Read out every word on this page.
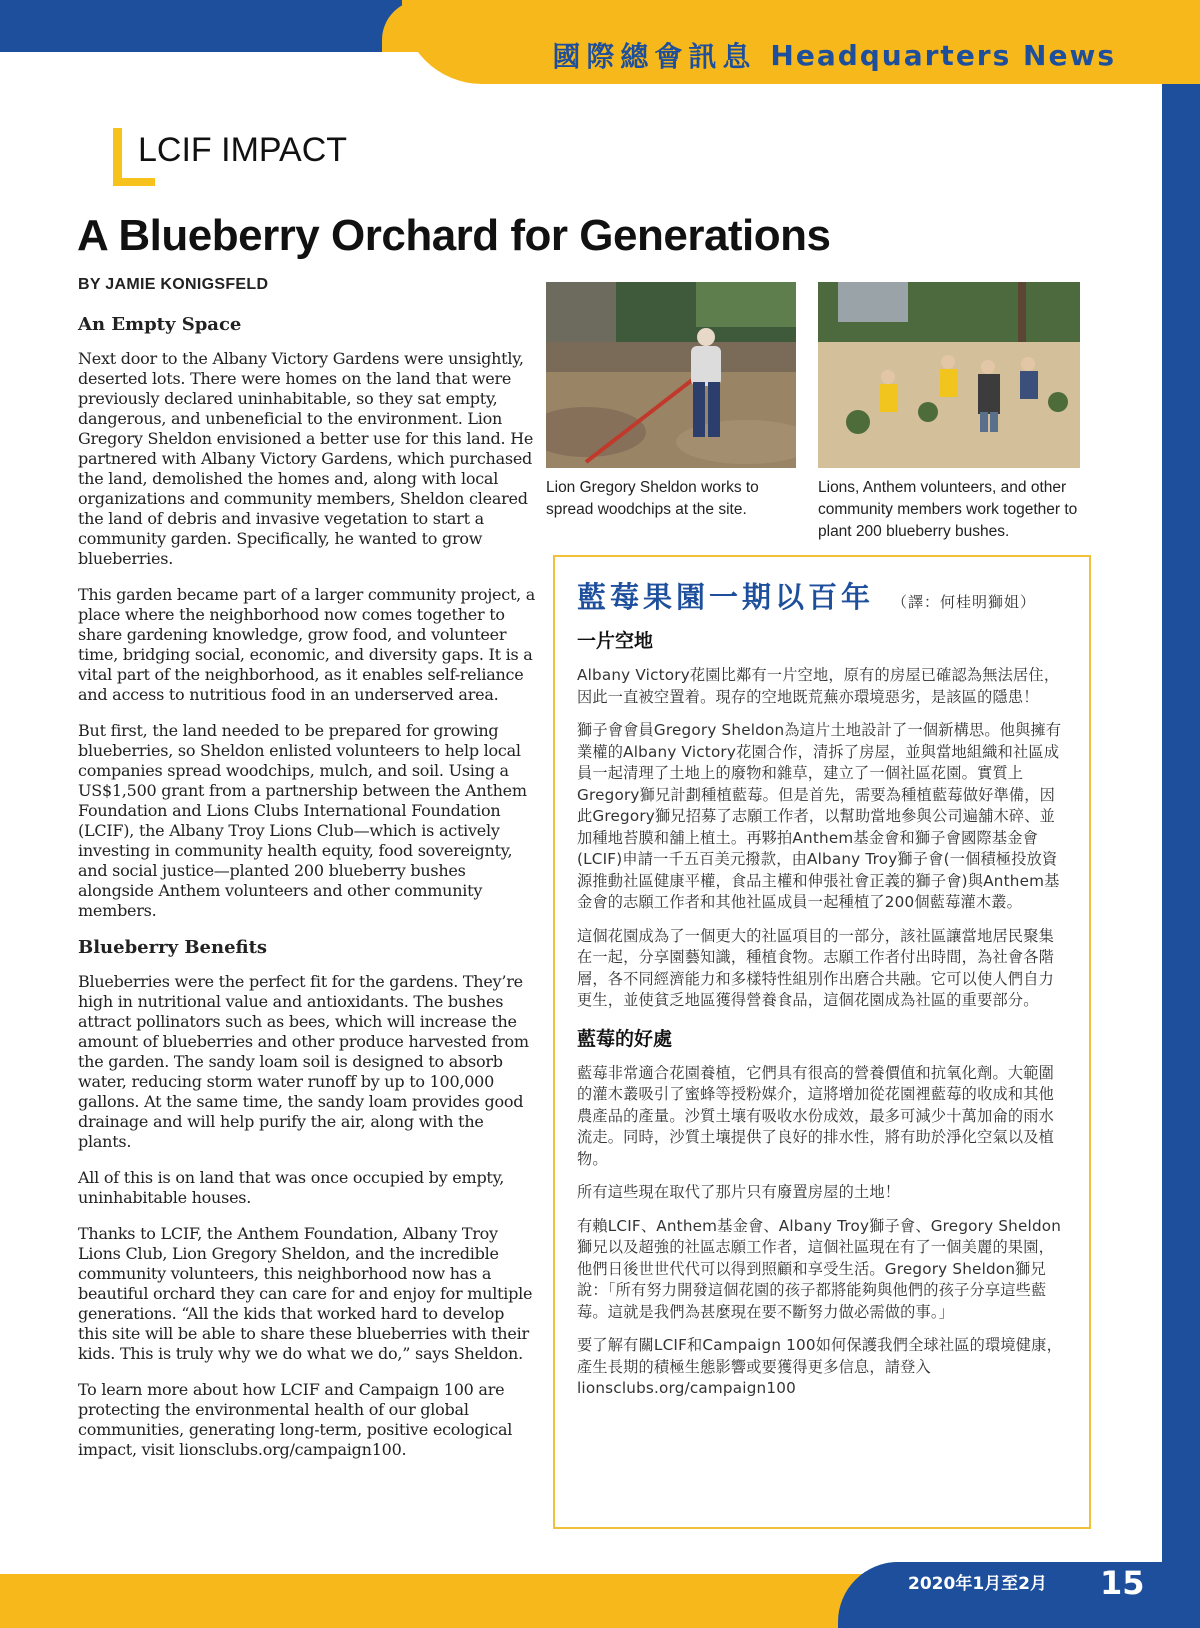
國際總會訊息 Headquarters News
LCIF IMPACT
A Blueberry Orchard for Generations
BY JAMIE KONIGSFELD
An Empty Space

Next door to the Albany Victory Gardens were unsightly, deserted lots. There were homes on the land that were previously declared uninhabitable, so they sat empty, dangerous, and unbeneficial to the environment. Lion Gregory Sheldon envisioned a better use for this land. He partnered with Albany Victory Gardens, which purchased the land, demolished the homes and, along with local organizations and community members, Sheldon cleared the land of debris and invasive vegetation to start a community garden. Specifically, he wanted to grow blueberries.

This garden became part of a larger community project, a place where the neighborhood now comes together to share gardening knowledge, grow food, and volunteer time, bridging social, economic, and diversity gaps. It is a vital part of the neighborhood, as it enables self-reliance and access to nutritious food in an underserved area.

But first, the land needed to be prepared for growing blueberries, so Sheldon enlisted volunteers to help local companies spread woodchips, mulch, and soil. Using a US$1,500 grant from a partnership between the Anthem Foundation and Lions Clubs International Foundation (LCIF), the Albany Troy Lions Club—which is actively investing in community health equity, food sovereignty, and social justice—planted 200 blueberry bushes alongside Anthem volunteers and other community members.

Blueberry Benefits

Blueberries were the perfect fit for the gardens. They’re high in nutritional value and antioxidants. The bushes attract pollinators such as bees, which will increase the amount of blueberries and other produce harvested from the garden. The sandy loam soil is designed to absorb water, reducing storm water runoff by up to 100,000 gallons. At the same time, the sandy loam provides good drainage and will help purify the air, along with the plants.

All of this is on land that was once occupied by empty, uninhabitable houses.

Thanks to LCIF, the Anthem Foundation, Albany Troy Lions Club, Lion Gregory Sheldon, and the incredible community volunteers, this neighborhood now has a beautiful orchard they can care for and enjoy for multiple generations. “All the kids that worked hard to develop this site will be able to share these blueberries with their kids. This is truly why we do what we do,” says Sheldon.

To learn more about how LCIF and Campaign 100 are protecting the environmental health of our global communities, generating long-term, positive ecological impact, visit lionsclubs.org/campaign100.

Lion Gregory Sheldon works to spread woodchips at the site.
Lions, Anthem volunteers, and other community members work together to plant 200 blueberry bushes.
藍莓果園一期以百年 （譯：何桂明獅姐）
一片空地

Albany Victory花園比鄰有一片空地，原有的房屋已確認為無法居住，因此一直被空置着。現存的空地既荒蕪亦環境惡劣，是該區的隱患！

獅子會會員Gregory Sheldon為這片土地設計了一個新構思。他與擁有業權的Albany Victory花園合作，清拆了房屋，並與當地組織和社區成員一起清理了土地上的廢物和雜草，建立了一個社區花園。實質上Gregory獅兄計劃種植藍莓。但是首先，需要為種植藍莓做好準備，因此Gregory獅兄招募了志願工作者，以幫助當地參與公司遍舖木碎、並加種地苔膜和舖上植土。再夥拍Anthem基金會和獅子會國際基金會(LCIF)申請一千五百美元撥款，由Albany Troy獅子會(一個積極投放資源推動社區健康平權，食品主權和伸張社會正義的獅子會)與Anthem基金會的志願工作者和其他社區成員一起種植了200個藍莓灌木叢。

這個花園成為了一個更大的社區項目的一部分，該社區讓當地居民聚集在一起，分享園藝知識，種植食物。志願工作者付出時間，為社會各階層，各不同經濟能力和多樣特性組別作出磨合共融。它可以使人們自力更生，並使貧乏地區獲得營養食品，這個花園成為社區的重要部分。

藍莓的好處

藍莓非常適合花園養植，它們具有很高的營養價值和抗氧化劑。大範圍的灌木叢吸引了蜜蜂等授粉媒介，這將增加從花園裡藍莓的收成和其他農產品的產量。沙質土壤有吸收水份成效，最多可減少十萬加侖的雨水流走。同時，沙質土壤提供了良好的排水性，將有助於淨化空氣以及植物。

所有這些現在取代了那片只有廢置房屋的土地！

有賴LCIF、Anthem基金會、Albany Troy獅子會、Gregory Sheldon獅兄以及超強的社區志願工作者，這個社區現在有了一個美麗的果園，他們日後世世代代可以得到照顧和享受生活。Gregory Sheldon獅兄說：「所有努力開發這個花園的孩子都將能夠與他們的孩子分享這些藍莓。這就是我們為甚麼現在要不斷努力做必需做的事。」

要了解有關LCIF和Campaign 100如何保護我們全球社區的環境健康，產生長期的積極生態影響或要獲得更多信息，請登入lionsclubs.org/campaign100

2020年1月至2月 15
